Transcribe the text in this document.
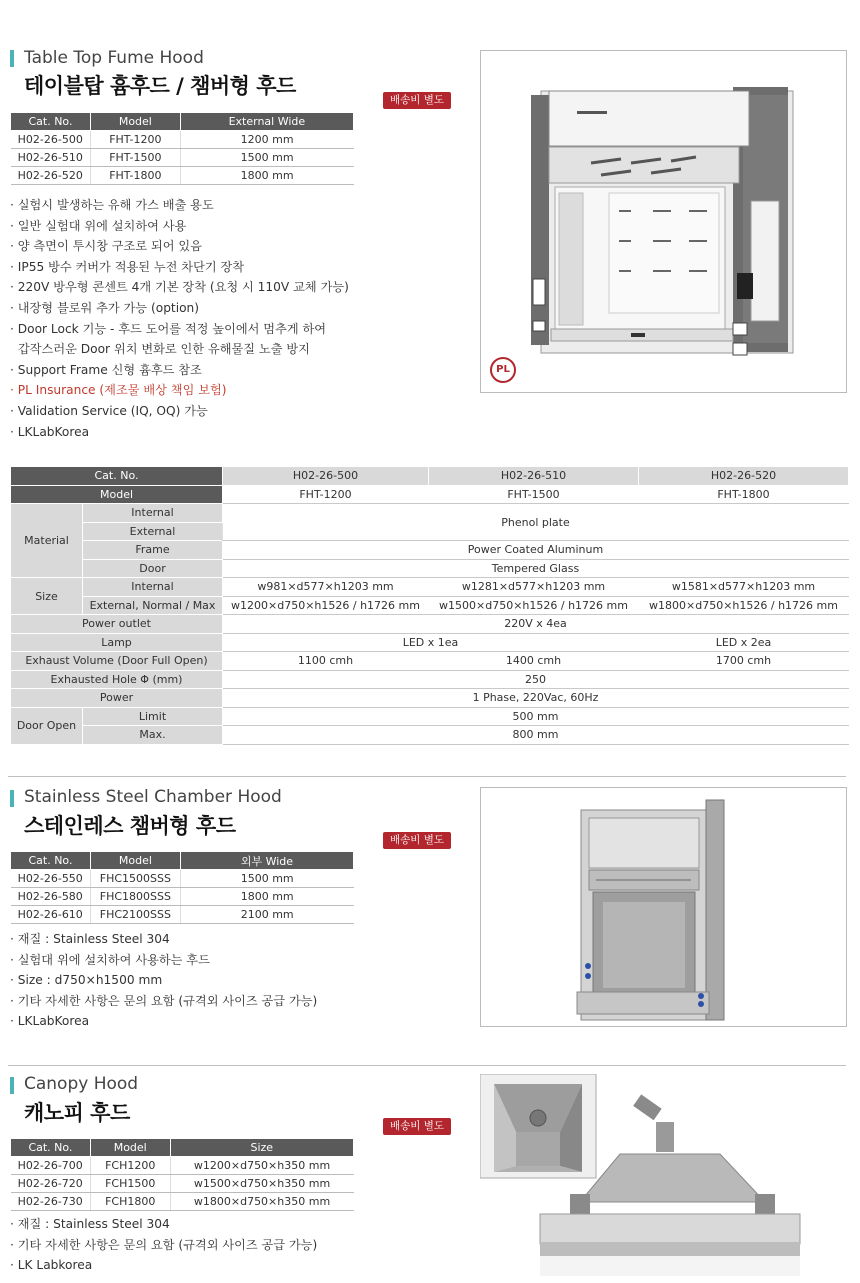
Table Top Fume Hood
테이블탑 흄후드 / 챔버형 후드
배송비 별도
Cat. No.	Model	External Wide
H02-26-500	FHT-1200	1200 mm
H02-26-510	FHT-1500	1500 mm
H02-26-520	FHT-1800	1800 mm
· 실험시 발생하는 유해 가스 배출 용도
· 일반 실험대 위에 설치하여 사용
· 양 측면이 투시창 구조로 되어 있음
· IP55 방수 커버가 적용된 누전 차단기 장착
· 220V 방우형 콘센트 4개 기본 장착 (요청 시 110V 교체 가능)
· 내장형 블로워 추가 가능 (option)
· Door Lock 기능 - 후드 도어를 적정 높이에서 멈추게 하여
갑작스러운 Door 위치 변화로 인한 유해물질 노출 방지
· Support Frame 신형 흄후드 참조
· PL Insurance (제조물 배상 책임 보험)
· Validation Service (IQ, OQ) 가능
· LKLabKorea
PL
Cat. No.		H02-26-500	H02-26-510	H02-26-520
Model		FHT-1200	FHT-1500	FHT-1800
Material	Internal	Phenol plate		
	External			
	Frame	Power Coated Aluminum		
	Door	Tempered Glass		
Size	Internal	w981×d577×h1203 mm	w1281×d577×h1203 mm	w1581×d577×h1203 mm
	External, Normal / Max	w1200×d750×h1526 / h1726 mm	w1500×d750×h1526 / h1726 mm	w1800×d750×h1526 / h1726 mm
Power outlet		220V x 4ea		
Lamp		LED x 1ea		LED x 2ea
Exhaust Volume (Door Full Open)		1100 cmh	1400 cmh	1700 cmh
Exhausted Hole Φ (mm)		250		
Power		1 Phase, 220Vac, 60Hz		
Door Open	Limit	500 mm		
	Max.	800 mm		
Stainless Steel Chamber Hood
스테인레스 챔버형 후드
배송비 별도
Cat. No.	Model	외부 Wide
H02-26-550	FHC1500SSS	1500 mm
H02-26-580	FHC1800SSS	1800 mm
H02-26-610	FHC2100SSS	2100 mm
· 재질 : Stainless Steel 304
· 실험대 위에 설치하여 사용하는 후드
· Size : d750×h1500 mm
· 기타 자세한 사항은 문의 요함 (규격외 사이즈 공급 가능)
· LKLabKorea
Canopy Hood
캐노피 후드
배송비 별도
Cat. No.	Model	Size
H02-26-700	FCH1200	w1200×d750×h350 mm
H02-26-720	FCH1500	w1500×d750×h350 mm
H02-26-730	FCH1800	w1800×d750×h350 mm
· 재질 : Stainless Steel 304
· 기타 자세한 사항은 문의 요함 (규격외 사이즈 공급 가능)
· LK Labkorea
